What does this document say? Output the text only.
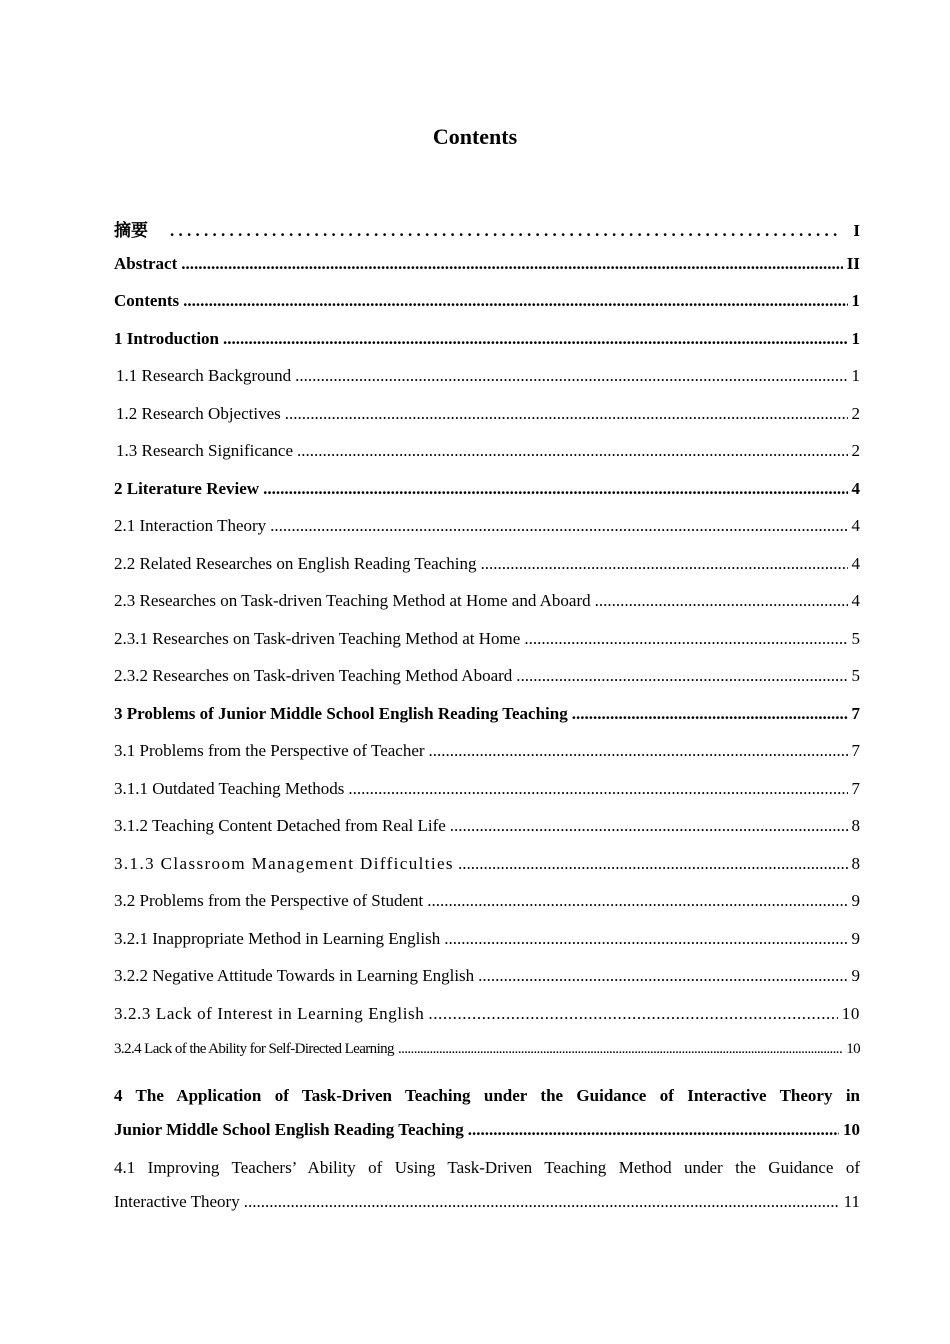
Contents
摘要 . . .	I
Abstract .....	II
Contents .....	1
1 Introduction .....	1
1.1 Research Background .....	1
1.2 Research Objectives .....	2
1.3 Research Significance .....	2
2 Literature Review .....	4
2.1 Interaction Theory .....	4
2.2 Related Researches on English Reading Teaching .....	4
2.3 Researches on Task-driven Teaching Method at Home and Aboard .....	4
2.3.1 Researches on Task-driven Teaching Method at Home .....	5
2.3.2 Researches on Task-driven Teaching Method Aboard .....	5
3 Problems of Junior Middle School English Reading Teaching .....	7
3.1 Problems from the Perspective of Teacher .....	7
3.1.1 Outdated Teaching Methods .....	7
3.1.2 Teaching Content Detached from Real Life .....	8
3.1.3 Classroom Management Difficulties .....	8
3.2 Problems from the Perspective of Student .....	9
3.2.1 Inappropriate Method in Learning English .....	9
3.2.2 Negative Attitude Towards in Learning English .....	9
3.2.3 Lack of Interest in Learning English .....	10
3.2.4 Lack of the Ability for Self-Directed Learning .....	10
4 The Application of Task-Driven Teaching under the Guidance of Interactive Theory in
Junior Middle School English Reading Teaching .....	10
4.1 Improving Teachers’ Ability of Using Task-Driven Teaching Method under the Guidance of
Interactive Theory .....	11
